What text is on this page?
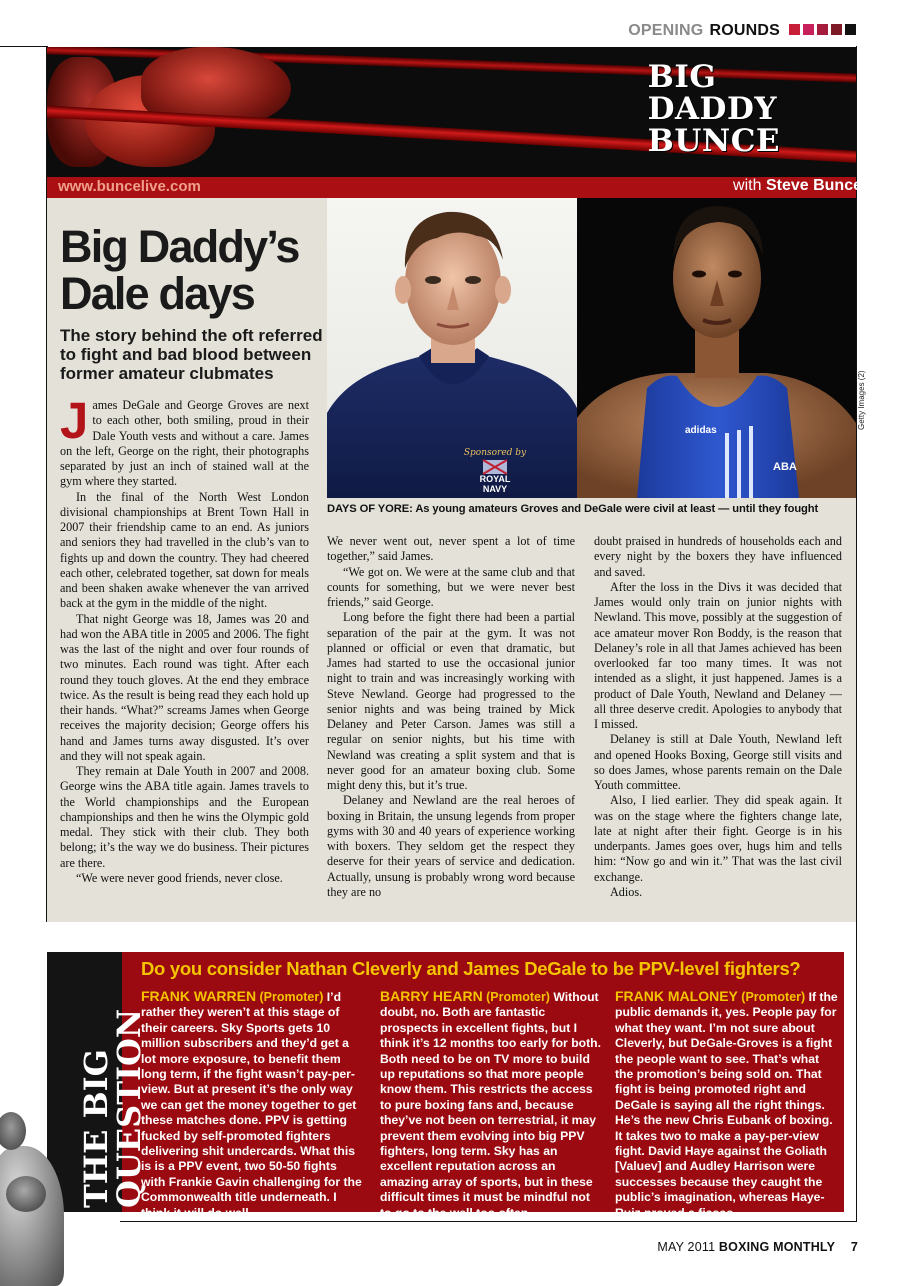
OPENING ROUNDS
BIG
DADDY
BUNCE
www.buncelive.com	with Steve Bunce
Sponsored by
ROYAL
NAVY
adidas
ABA
DAYS OF YORE: As young amateurs Groves and DeGale were civil at least — until they fought
Getty Images (2)
Big Daddy’s
Dale days
The story behind the oft referred to fight and bad blood between former amateur clubmates

James DeGale and George Groves are next to each other, both smiling, proud in their Dale Youth vests and without a care. James on the left, George on the right, their photographs separated by just an inch of stained wall at the gym where they started.

In the final of the North West London divisional championships at Brent Town Hall in 2007 their friendship came to an end. As juniors and seniors they had travelled in the club’s van to fights up and down the country. They had cheered each other, celebrated together, sat down for meals and been shaken awake whenever the van arrived back at the gym in the middle of the night.

That night George was 18, James was 20 and had won the ABA title in 2005 and 2006. The fight was the last of the night and over four rounds of two minutes. Each round was tight. After each round they touch gloves. At the end they embrace twice. As the result is being read they each hold up their hands. “What?” screams James when George receives the majority decision; George offers his hand and James turns away disgusted. It’s over and they will not speak again.

They remain at Dale Youth in 2007 and 2008. George wins the ABA title again. James travels to the World championships and the European championships and then he wins the Olympic gold medal. They stick with their club. They both belong; it’s the way we do business. Their pictures are there.

“We were never good friends, never close.

We never went out, never spent a lot of time together,” said James.

“We got on. We were at the same club and that counts for something, but we were never best friends,” said George.

Long before the fight there had been a partial separation of the pair at the gym. It was not planned or official or even that dramatic, but James had started to use the occasional junior night to train and was increasingly working with Steve Newland. George had progressed to the senior nights and was being trained by Mick Delaney and Peter Carson. James was still a regular on senior nights, but his time with Newland was creating a split system and that is never good for an amateur boxing club. Some might deny this, but it’s true.

Delaney and Newland are the real heroes of boxing in Britain, the unsung legends from proper gyms with 30 and 40 years of experience working with boxers. They seldom get the respect they deserve for their years of service and dedication. Actually, unsung is probably wrong word because they are no

doubt praised in hundreds of households each and every night by the boxers they have influenced and saved.

After the loss in the Divs it was decided that James would only train on junior nights with Newland. This move, possibly at the suggestion of ace amateur mover Ron Boddy, is the reason that Delaney’s role in all that James achieved has been overlooked far too many times. It was not intended as a slight, it just happened. James is a product of Dale Youth, Newland and Delaney — all three deserve credit. Apologies to anybody that I missed.

Delaney is still at Dale Youth, Newland left and opened Hooks Boxing, George still visits and so does James, whose parents remain on the Dale Youth committee.

Also, I lied earlier. They did speak again. It was on the stage where the fighters change late, late at night after their fight. George is in his underpants. James goes over, hugs him and tells him: “Now go and win it.” That was the last civil exchange.

Adios.

THE BIG
QUESTION
Do you consider Nathan Cleverly and James DeGale to be PPV-level fighters?
FRANK WARREN (Promoter) I’d rather they weren’t at this stage of their careers. Sky Sports gets 10 million subscribers and they’d get a lot more exposure, to benefit them long term, if the fight wasn’t pay-per-view. But at present it’s the only way we can get the money together to get these matches done. PPV is getting fucked by self-promoted fighters delivering shit undercards. What this is is a PPV event, two 50-50 fights with Frankie Gavin challenging for the Commonwealth title underneath. I think it will do well.
BARRY HEARN (Promoter) Without doubt, no. Both are fantastic prospects in excellent fights, but I think it’s 12 months too early for both. Both need to be on TV more to build up reputations so that more people know them. This restricts the access to pure boxing fans and, because they’ve not been on terrestrial, it may prevent them evolving into big PPV fighters, long term. Sky has an excellent reputation across an amazing array of sports, but in these difficult times it must be mindful not to go to the well too often.
FRANK MALONEY (Promoter) If the public demands it, yes. People pay for what they want. I’m not sure about Cleverly, but DeGale-Groves is a fight the people want to see. That’s what the promotion’s being sold on. That fight is being promoted right and DeGale is saying all the right things. He’s the new Chris Eubank of boxing. It takes two to make a pay-per-view fight. David Haye against the Goliath [Valuev] and Audley Harrison were successes because they caught the public’s imagination, whereas Haye-Ruiz proved a fiasco.
MAY 2011 BOXING MONTHLY 7
